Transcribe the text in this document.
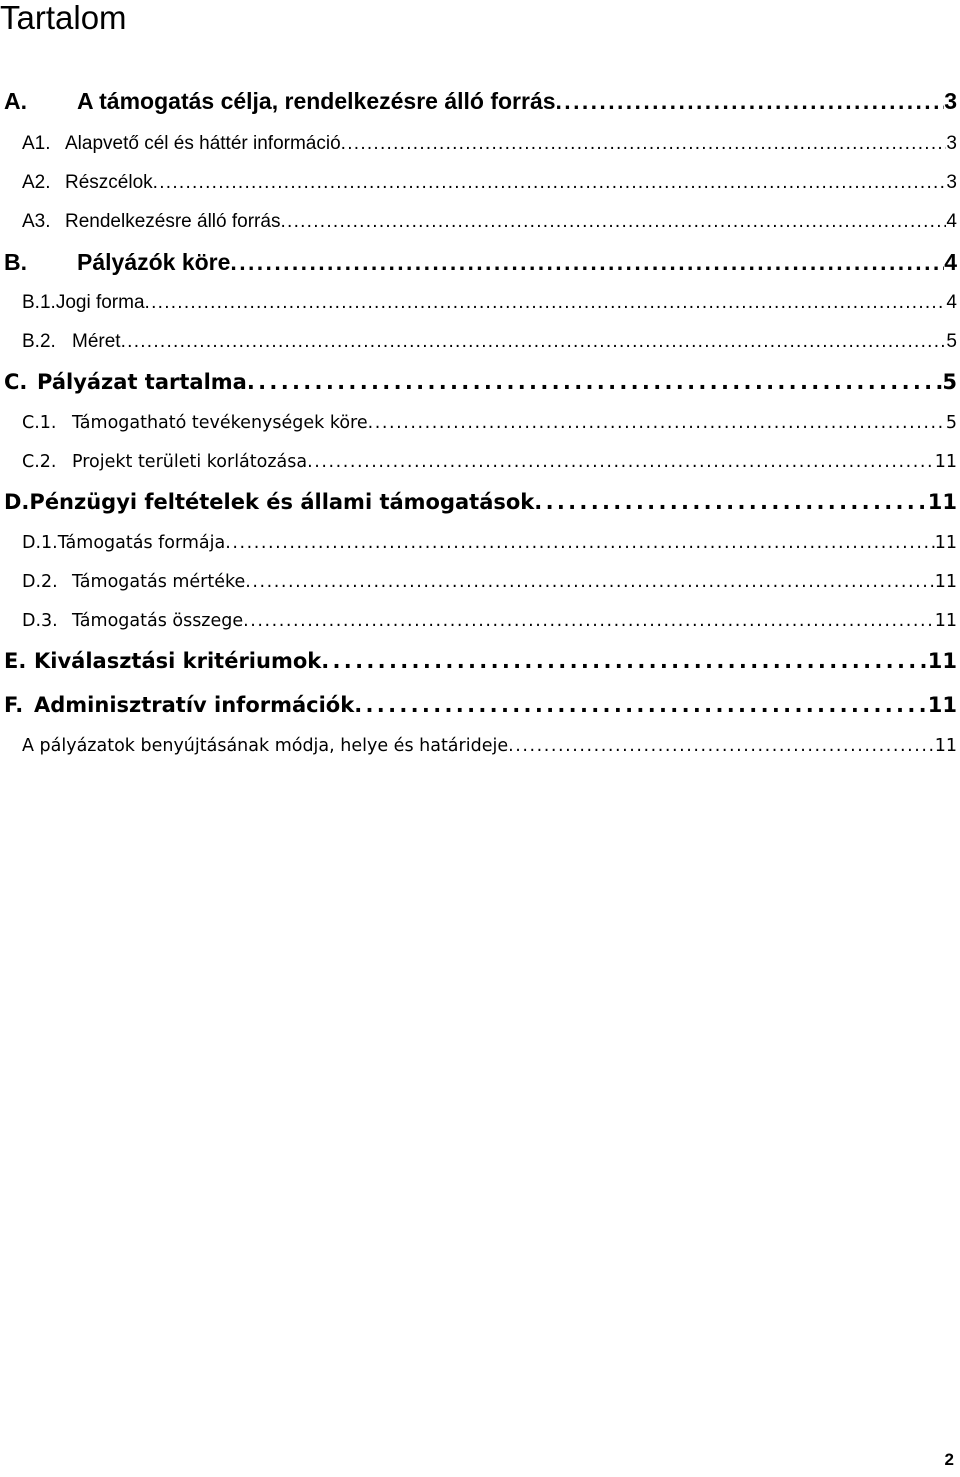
Tartalom
A. A támogatás célja, rendelkezésre álló forrás . . .	3
A1. Alapvető cél és háttér információ . . .	3
A2. Részcélok . . .	3
A3. Rendelkezésre álló forrás . . .	4
B. Pályázók köre . . .	4
B.1.Jogi forma . . .	4
B.2. Méret . . .	5
C. Pályázat tartalma . . .	5
C.1. Támogatható tevékenységek köre . . .	5
C.2. Projekt területi korlátozása . . .	11
D.Pénzügyi feltételek és állami támogatások . . .	11
D.1.Támogatás formája . . .	11
D.2. Támogatás mértéke . . .	11
D.3. Támogatás összege . . .	11
E. Kiválasztási kritériumok . . .	11
F. Adminisztratív információk . . .	11
A pályázatok benyújtásának módja, helye és határideje . . .	11
2
